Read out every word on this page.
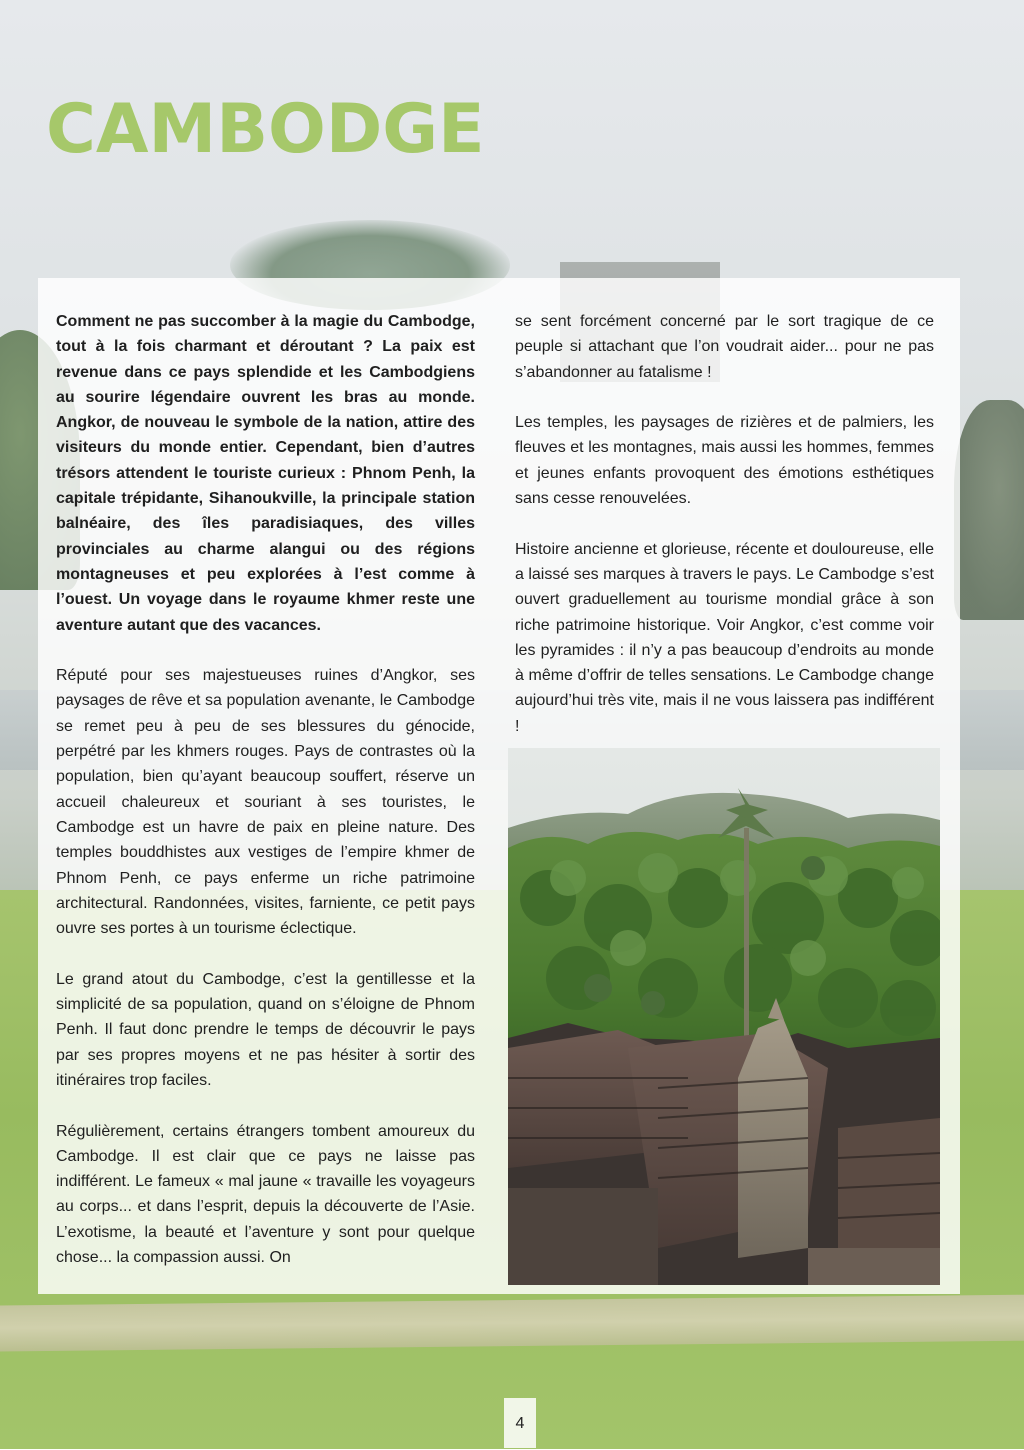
CAMBODGE

Comment ne pas succomber à la magie du Cambodge, tout à la fois charmant et déroutant ? La paix est revenue dans ce pays splendide et les Cambodgiens au sourire légendaire ouvrent les bras au monde. Angkor, de nouveau le symbole de la nation, attire des visiteurs du monde entier. Cependant, bien d’autres trésors attendent le touriste curieux : Phnom Penh, la capitale trépidante, Sihanoukville, la principale station balnéaire, des îles paradisiaques, des villes provinciales au charme alangui ou des régions montagneuses et peu explorées à l’est comme à l’ouest. Un voyage dans le royaume khmer reste une aventure autant que des vacances.

Réputé pour ses majestueuses ruines d’Angkor, ses paysages de rêve et sa population avenante, le Cambodge se remet peu à peu de ses blessures du génocide, perpétré par les khmers rouges. Pays de contrastes où la population, bien qu’ayant beaucoup souffert, réserve un accueil chaleureux et souriant à ses touristes, le Cambodge est un havre de paix en pleine nature. Des temples bouddhistes aux vestiges de l’empire khmer de Phnom Penh, ce pays enferme un riche patrimoine architectural. Randonnées, visites, farniente, ce petit pays ouvre ses portes à un tourisme éclectique.

Le grand atout du Cambodge, c’est la gentillesse et la simplicité de sa population, quand on s’éloigne de Phnom Penh. Il faut donc prendre le temps de découvrir le pays par ses propres moyens et ne pas hésiter à sortir des itinéraires trop faciles.

Régulièrement, certains étrangers tombent amoureux du Cambodge. Il est clair que ce pays ne laisse pas indifférent. Le fameux « mal jaune « travaille les voyageurs au corps... et dans l’esprit, depuis la découverte de l’Asie. L’exotisme, la beauté et l’aventure y sont pour quelque chose... la compassion aussi. On

se sent forcément concerné par le sort tragique de ce peuple si attachant que l’on voudrait aider... pour ne pas s’abandonner au fatalisme !

Les temples, les paysages de rizières et de palmiers, les fleuves et les montagnes, mais aussi les hommes, femmes et jeunes enfants provoquent des émotions esthétiques sans cesse renouvelées.

Histoire ancienne et glorieuse, récente et douloureuse, elle a laissé ses marques à travers le pays. Le Cambodge s’est ouvert graduellement au tourisme mondial grâce à son riche patrimoine historique. Voir Angkor, c’est comme voir les pyramides : il n’y a pas beaucoup d’endroits au monde à même d’offrir de telles sensations. Le Cambodge change aujourd’hui très vite, mais il ne vous laissera pas indifférent !

4
